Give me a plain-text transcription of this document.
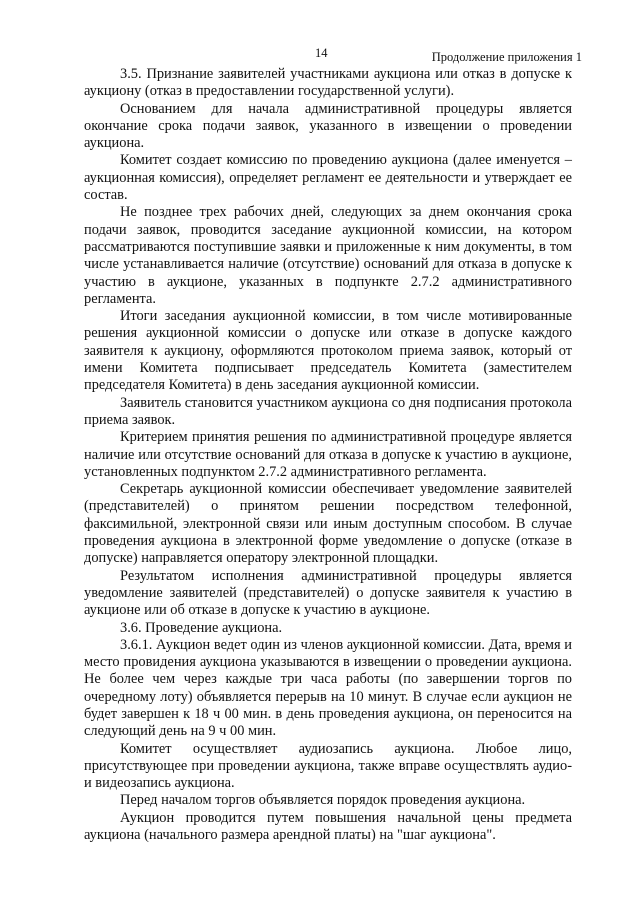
14	Продолжение приложения 1

3.5. Признание заявителей участниками аукциона или отказ в допуске к аукциону (отказ в предоставлении государственной услуги).

Основанием для начала административной процедуры является окончание срока подачи заявок, указанного в извещении о проведении аукциона.

Комитет создает комиссию по проведению аукциона (далее именуется – аукционная комиссия), определяет регламент ее деятельности и утверждает ее состав.

Не позднее трех рабочих дней, следующих за днем окончания срока подачи заявок, проводится заседание аукционной комиссии, на котором рассматриваются поступившие заявки и приложенные к ним документы, в том числе устанавливается наличие (отсутствие) оснований для отказа в допуске к участию в аукционе, указанных в подпункте 2.7.2 административного регламента.

Итоги заседания аукционной комиссии, в том числе мотивированные решения аукционной комиссии о допуске или отказе в допуске каждого заявителя к аукциону, оформляются протоколом приема заявок, который от имени Комитета подписывает председатель Комитета (заместителем председателя Комитета) в день заседания аукционной комиссии.

Заявитель становится участником аукциона со дня подписания протокола приема заявок.

Критерием принятия решения по административной процедуре является наличие или отсутствие оснований для отказа в допуске к участию в аукционе, установленных подпунктом 2.7.2 административного регламента.

Секретарь аукционной комиссии обеспечивает уведомление заявителей (представителей) о принятом решении посредством телефонной, факсимильной, электронной связи или иным доступным способом. В случае проведения аукциона в электронной форме уведомление о допуске (отказе в допуске) направляется оператору электронной площадки.

Результатом исполнения административной процедуры является уведомление заявителей (представителей) о допуске заявителя к участию в аукционе или об отказе в допуске к участию в аукционе.

3.6. Проведение аукциона.

3.6.1. Аукцион ведет один из членов аукционной комиссии. Дата, время и место провидения аукциона указываются в извещении о проведении аукциона. Не более чем через каждые три часа работы (по завершении торгов по очередному лоту) объявляется перерыв на 10 минут. В случае если аукцион не будет завершен к 18 ч 00 мин. в день проведения аукциона, он переносится на следующий день на 9 ч 00 мин.

Комитет осуществляет аудиозапись аукциона. Любое лицо, присутствующее при проведении аукциона, также вправе осуществлять аудио- и видеозапись аукциона.

Перед началом торгов объявляется порядок проведения аукциона.

Аукцион проводится путем повышения начальной цены предмета аукциона (начального размера арендной платы) на "шаг аукциона".
